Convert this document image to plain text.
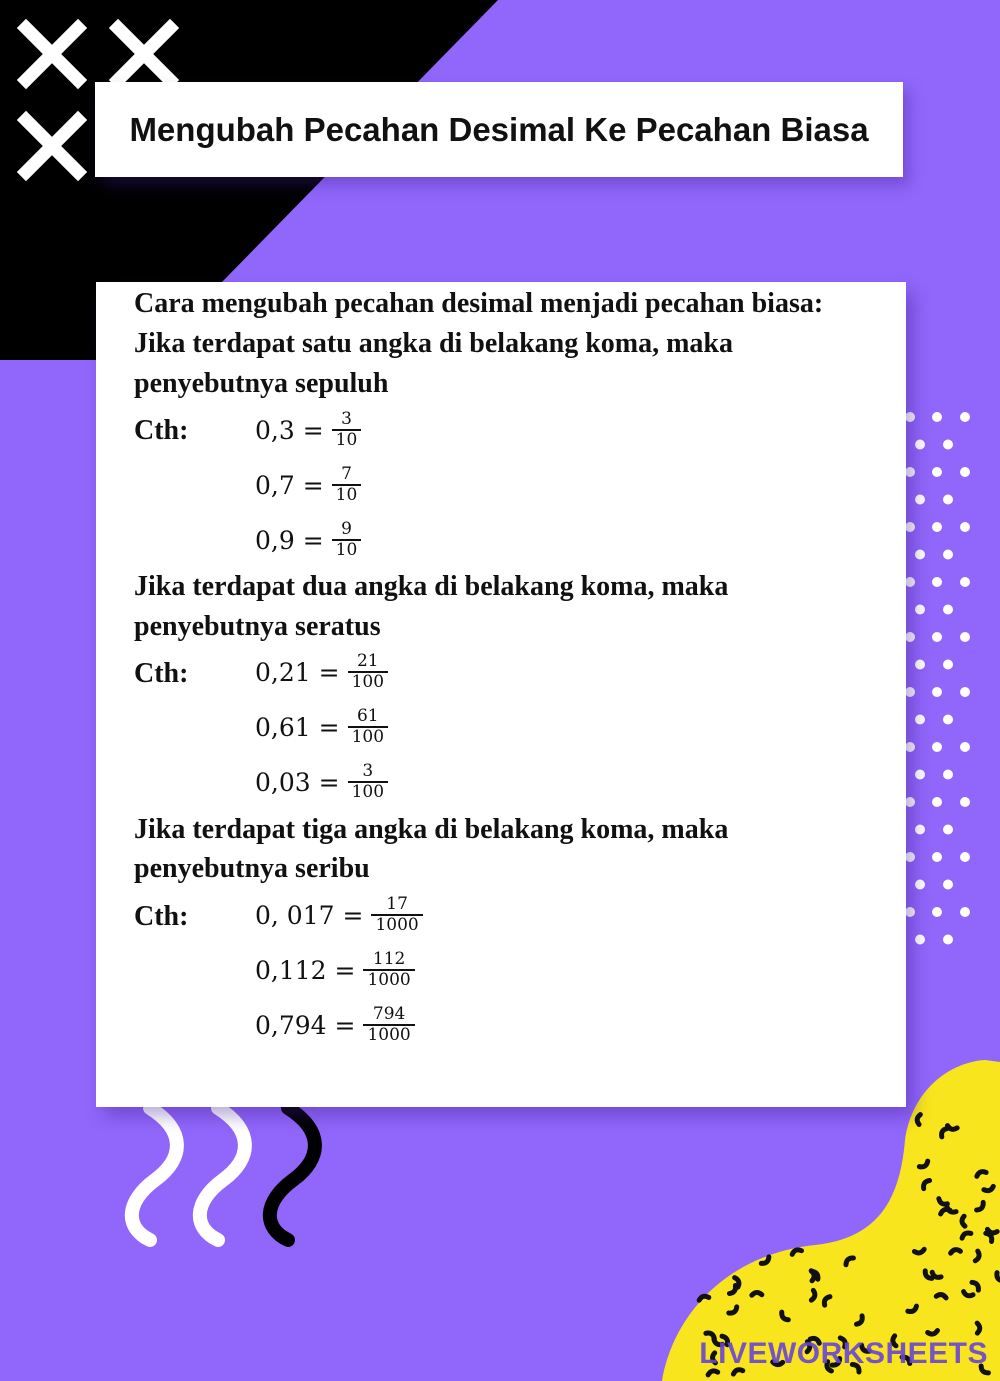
Mengubah Pecahan Desimal Ke Pecahan Biasa
Cara mengubah pecahan desimal menjadi pecahan biasa:
Jika terdapat satu angka di belakang koma, maka
penyebutnya sepuluh
Cth:	$0,3 = \frac{3}{10}$
$0,7 = \frac{7}{10}$
$0,9 = \frac{9}{10}$
Jika terdapat dua angka di belakang koma, maka
penyebutnya seratus
Cth:	$0,21 = \frac{21}{100}$
$0,61 = \frac{61}{100}$
$0,03 = \frac{3}{100}$
Jika terdapat tiga angka di belakang koma, maka
penyebutnya seribu
Cth:	0, $017 = \frac{17}{1000}$
$0,112 = \frac{112}{1000}$
$0,794 = \frac{794}{1000}$
LIVEWORKSHEETS
